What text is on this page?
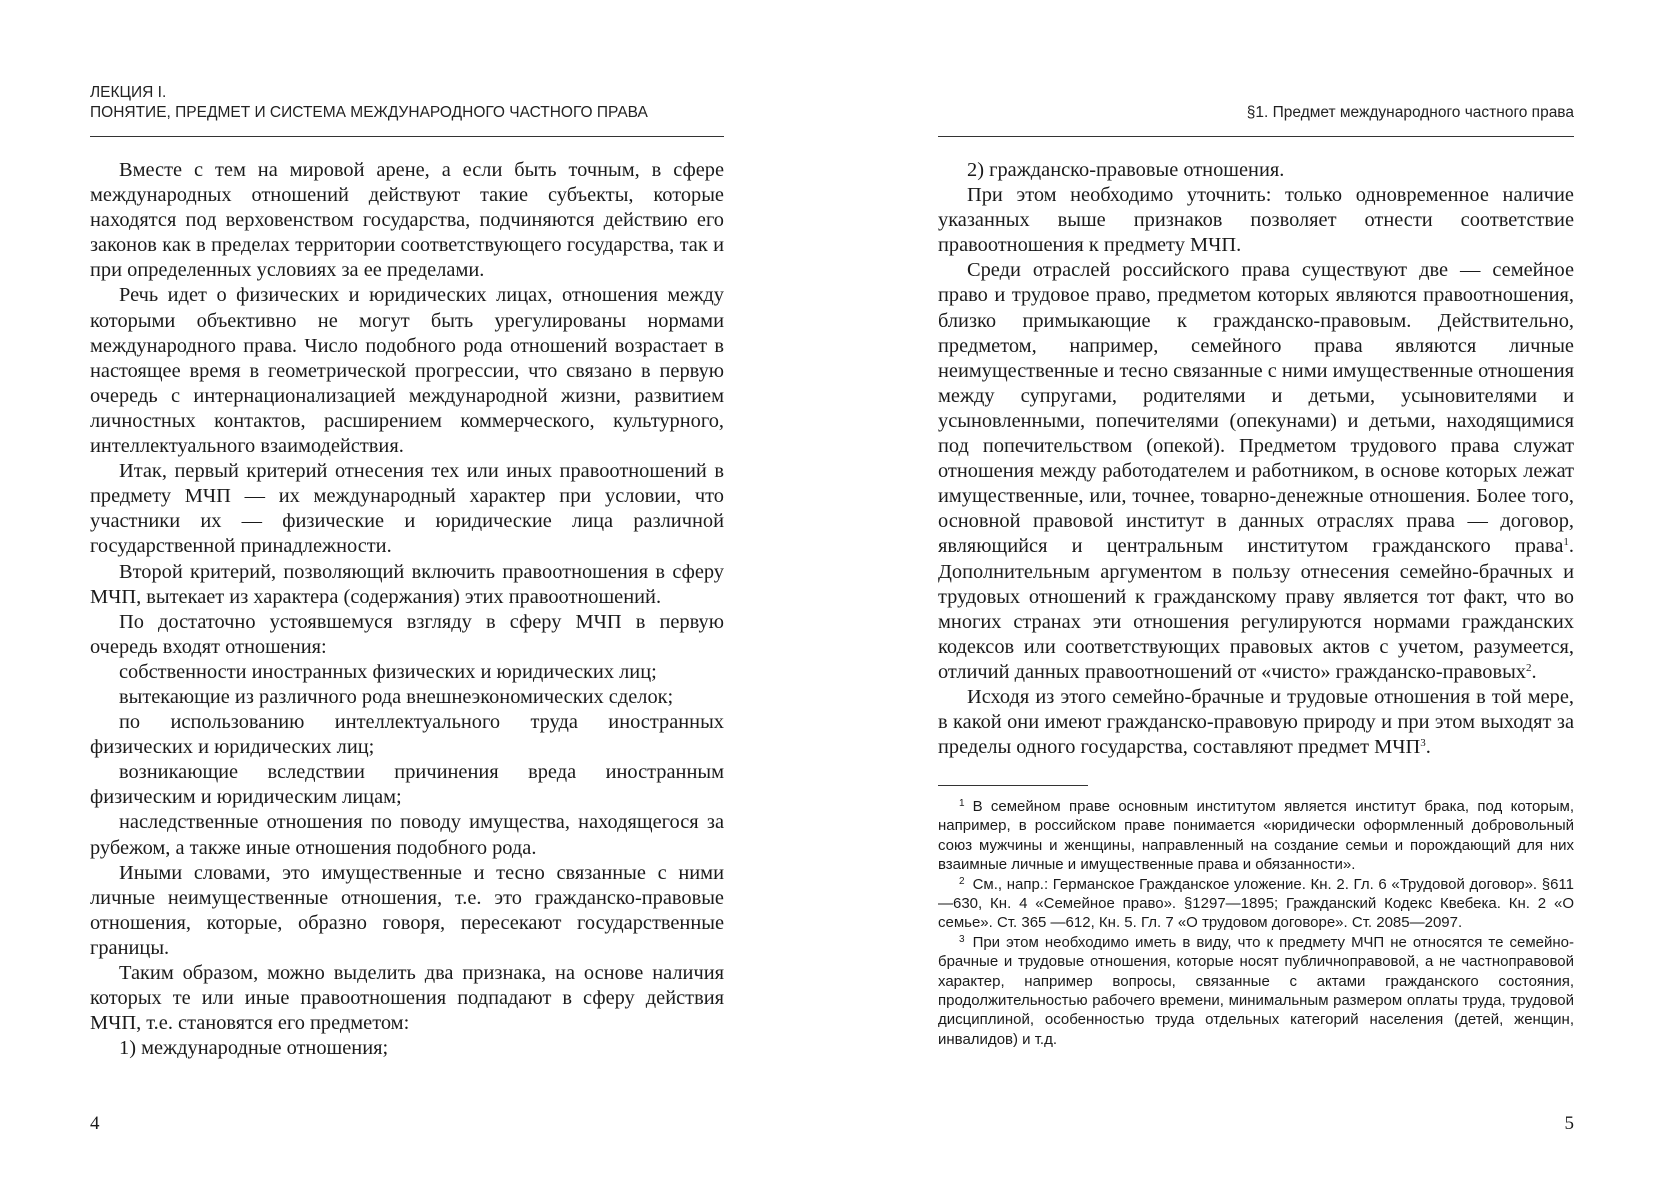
ЛЕКЦИЯ I.
ПОНЯТИЕ, ПРЕДМЕТ И СИСТЕМА МЕЖДУНАРОДНОГО ЧАСТНОГО ПРАВА

Вместе с тем на мировой арене, а если быть точным, в сфере международных отношений действуют такие субъекты, которые находятся под верховенством государства, подчиняются действию его законов как в пределах территории соответствующего государства, так и при определенных условиях за ее пределами.

Речь идет о физических и юридических лицах, отношения между которыми объективно не могут быть урегулированы нормами международного права. Число подобного рода отношений возрастает в настоящее время в геометрической прогрессии, что связано в первую очередь с интернационализацией международной жизни, развитием личностных контактов, расширением коммерческого, культурного, интеллектуального взаимодействия.

Итак, первый критерий отнесения тех или иных правоотношений в предмету МЧП — их международный характер при условии, что участники их — физические и юридические лица различной государственной принадлежности.

Второй критерий, позволяющий включить правоотношения в сферу МЧП, вытекает из характера (содержания) этих правоотношений.

По достаточно устоявшемуся взгляду в сферу МЧП в первую очередь входят отношения:

собственности иностранных физических и юридических лиц;

вытекающие из различного рода внешнеэкономических сделок;

по использованию интеллектуального труда иностранных физических и юридических лиц;

возникающие вследствии причинения вреда иностранным физическим и юридическим лицам;

наследственные отношения по поводу имущества, находящегося за рубежом, а также иные отношения подобного рода.

Иными словами, это имущественные и тесно связанные с ними личные неимущественные отношения, т.е. это гражданско-правовые отношения, которые, образно говоря, пересекают государственные границы.

Таким образом, можно выделить два признака, на основе наличия которых те или иные правоотношения подпадают в сферу действия МЧП, т.е. становятся его предметом:

1) международные отношения;

4
§1. Предмет международного частного права

2) гражданско-правовые отношения.

При этом необходимо уточнить: только одновременное наличие указанных выше признаков позволяет отнести соответствие правоотношения к предмету МЧП.

Среди отраслей российского права существуют две — семейное право и трудовое право, предметом которых являются правоотношения, близко примыкающие к гражданско-правовым. Действительно, предметом, например, семейного права являются личные неимущественные и тесно связанные с ними имущественные отношения между супругами, родителями и детьми, усыновителями и усыновленными, попечителями (опекунами) и детьми, находящимися под попечительством (опекой). Предметом трудового права служат отношения между работодателем и работником, в основе которых лежат имущественные, или, точнее, товарно-денежные отношения. Более того, основной правовой институт в данных отраслях права — договор, являющийся и центральным институтом гражданского права$^1$. Дополнительным аргументом в пользу отнесения семейно-брачных и трудовых отношений к гражданскому праву является тот факт, что во многих странах эти отношения регулируются нормами гражданских кодексов или соответствующих правовых актов с учетом, разумеется, отличий данных правоотношений от «чисто» гражданско-правовых$^2$.

Исходя из этого семейно-брачные и трудовые отношения в той мере, в какой они имеют гражданско-правовую природу и при этом выходят за пределы одного государства, составляют предмет МЧП$^3$.

$^1$ В семейном праве основным институтом является институт брака, под которым, например, в российском праве понимается «юридически оформленный добровольный союз мужчины и женщины, направленный на создание семьи и порождающий для них взаимные личные и имущественные права и обязанности».

$^2$ См., напр.: Германское Гражданское уложение. Кн. 2. Гл. 6 «Трудовой договор». §611—630, Кн. 4 «Семейное право». §1297—1895; Гражданский Кодекс Квебека. Кн. 2 «О семье». Ст. 365 —612, Кн. 5. Гл. 7 «О трудовом договоре». Ст. 2085—2097.

$^3$ При этом необходимо иметь в виду, что к предмету МЧП не относятся те семейно-брачные и трудовые отношения, которые носят публичноправовой, а не частноправовой характер, например вопросы, связанные с актами гражданского состояния, продолжительностью рабочего времени, минимальным размером оплаты труда, трудовой дисциплиной, особенностью труда отдельных категорий населения (детей, женщин, инвалидов) и т.д.

5
